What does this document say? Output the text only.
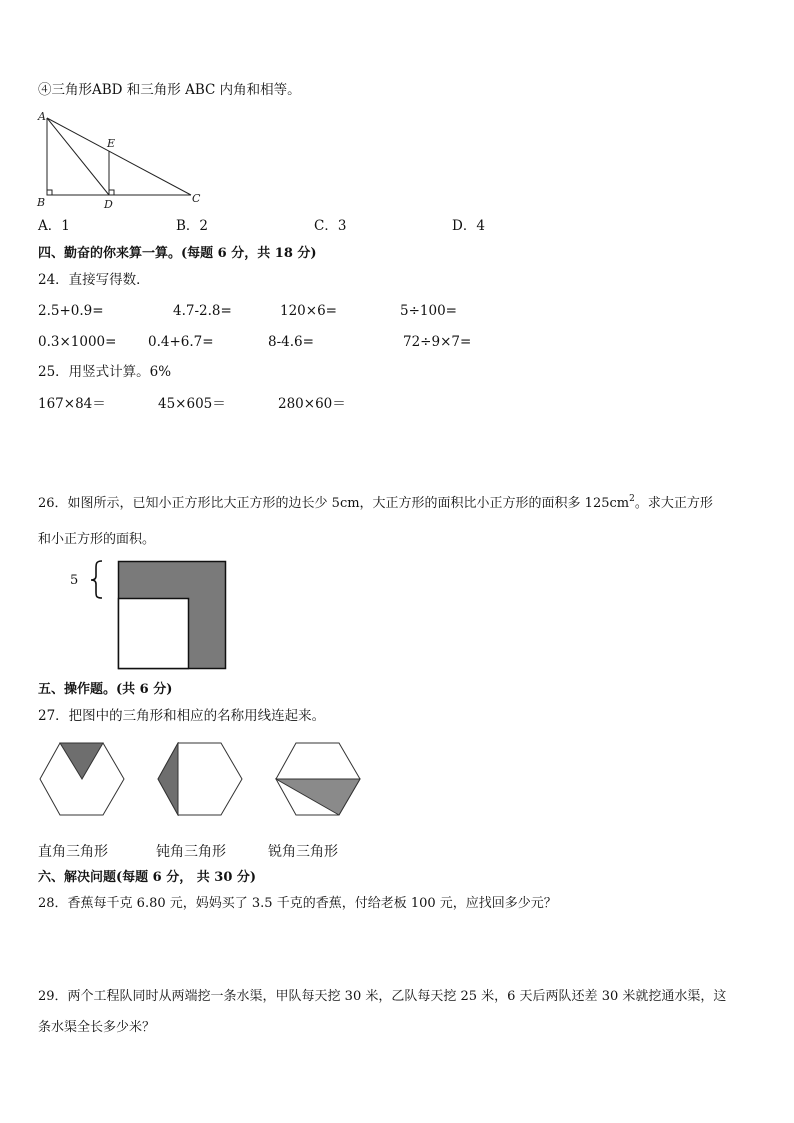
④三角形ABD 和三角形 ABC 内角和相等。
A
E
B	D	C
A．1	B．2	C．3	D．4
四、勤奋的你来算一算。(每题 6 分，共 18 分)
24．直接写得数．
2.5+0.9=	4.7-2.8=	120×6=	5÷100=
0.3×1000= 0.4+6.7=	8-4.6=	72÷9×7=
25．用竖式计算。6%
167×84＝	45×605＝	280×60＝
26．如图所示，已知小正方形比大正方形的边长少 5cm，大正方形的面积比小正方形的面积多 $125cm^2$。求大正方形
和小正方形的面积。
5
五、操作题。(共 6 分)
27．把图中的三角形和相应的名称用线连起来。
直角三角形	钝角三角形	锐角三角形
六、解决问题(每题 6 分， 共 30 分)
28．香蕉每千克 6.80 元，妈妈买了 3.5 千克的香蕉，付给老板 100 元，应找回多少元？
29．两个工程队同时从两端挖一条水渠，甲队每天挖 30 米，乙队每天挖 25 米，6 天后两队还差 30 米就挖通水渠，这
条水渠全长多少米？
